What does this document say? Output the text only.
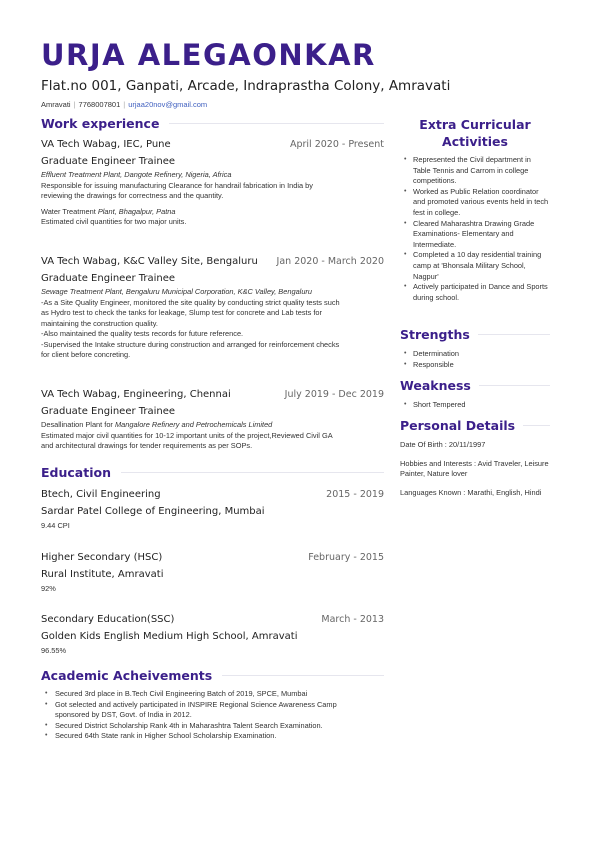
URJA ALEGAONKAR
Flat.no 001, Ganpati, Arcade, Indraprastha Colony, Amravati
Amravati | 7768007801 | urjaa20nov@gmail.com
Work experience
VA Tech Wabag, IEC, Pune	April 2020 - Present
Graduate Engineer Trainee
Effluent Treatment Plant, Dangote Refinery, Nigeria, Africa
Responsible for issuing manufacturing Clearance for handrail fabrication in India by
reviewing the drawings for correctness and the quantity.
Water Treatment Plant, Bhagalpur, Patna
Estimated civil quantities for two major units.
VA Tech Wabag, K&C Valley Site, Bengaluru Jan 2020 - March 2020
Graduate Engineer Trainee
Sewage Treatment Plant, Bengaluru Municipal Corporation, K&C Valley, Bengaluru
-As a Site Quality Engineer, monitored the site quality by conducting strict quality tests such
as Hydro test to check the tanks for leakage, Slump test for concrete and Lab tests for
maintaining the construction quality.
-Also maintained the quality tests records for future reference.
-Supervised the Intake structure during construction and arranged for reinforcement checks
for client before concreting.
VA Tech Wabag, Engineering, Chennai	July 2019 - Dec 2019
Graduate Engineer Trainee
Desallination Plant for Mangalore Refinery and Petrochemicals Limited
Estimated major civil quantities for 10-12 important units of the project,Reviewed Civil GA
and architectural drawings for tender requirements as per SOPs.
Education
Btech, Civil Engineering	2015 - 2019
Sardar Patel College of Engineering, Mumbai
9.44 CPI
Higher Secondary (HSC)	February - 2015
Rural Institute, Amravati
92%
Secondary Education(SSC)	March - 2013
Golden Kids English Medium High School, Amravati
96.55%
Academic Acheivements
• Secured 3rd place in B.Tech Civil Engineering Batch of 2019, SPCE, Mumbai
• Got selected and actively participated in INSPIRE Regional Science Awareness Camp sponsored by DST, Govt. of India in 2012.
• Secured District Scholarship Rank 4th in Maharashtra Talent Search Examination.
• Secured 64th State rank in Higher School Scholarship Examination.
Extra Curricular
Activities
• Represented the Civil department in Table Tennis and Carrom in college competitions.
• Worked as Public Relation coordinator and promoted various events held in tech fest in college.
• Cleared Maharashtra Drawing Grade Examinations- Elementary and Intermediate.
• Completed a 10 day residential training camp at 'Bhonsala Military School, Nagpur'
• Actively participated in Dance and Sports during school.
Strengths
• Determination
• Responsible
Weakness
• Short Tempered
Personal Details
Date Of Birth : 20/11/1997
Hobbies and Interests : Avid Traveler, Leisure Painter, Nature lover
Languages Known : Marathi, English, Hindi
